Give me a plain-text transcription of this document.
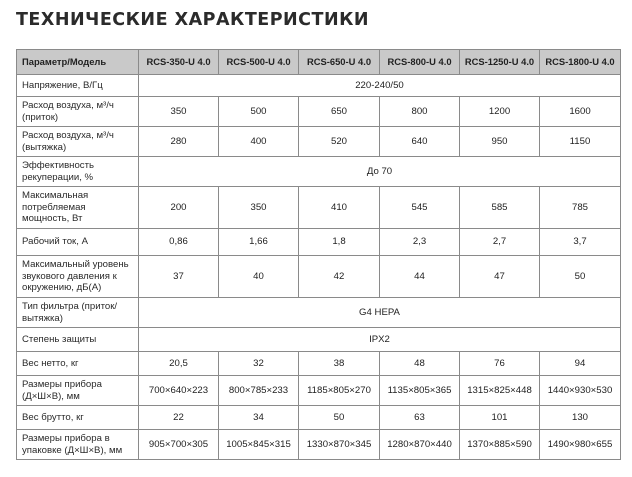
ТЕХНИЧЕСКИЕ ХАРАКТЕРИСТИКИ
Параметр/Модель	RCS-350-U 4.0	RCS-500-U 4.0	RCS-650-U 4.0	RCS-800-U 4.0	RCS-1250-U 4.0	RCS-1800-U 4.0
Напряжение, В/Гц	220-240/50					
Расход воздуха, м³/ч (приток)	350	500	650	800	1200	1600
Расход воздуха, м³/ч (вытяжка)	280	400	520	640	950	1150
Эффективность рекуперации, %	До 70					
Максимальная потребляемая мощность, Вт	200	350	410	545	585	785
Рабочий ток, А	0,86	1,66	1,8	2,3	2,7	3,7
Максимальный уровень звукового давления к окружению, дБ(А)	37	40	42	44	47	50
Тип фильтра (приток/вытяжка)	G4 HEPA					
Степень защиты	IPX2					
Вес нетто, кг	20,5	32	38	48	76	94
Размеры прибора (Д×Ш×В), мм	700×640×223	800×785×233	1185×805×270	1135×805×365	1315×825×448	1440×930×530
Вес брутто, кг	22	34	50	63	101	130
Размеры прибора в упаковке (Д×Ш×В), мм	905×700×305	1005×845×315	1330×870×345	1280×870×440	1370×885×590	1490×980×655
